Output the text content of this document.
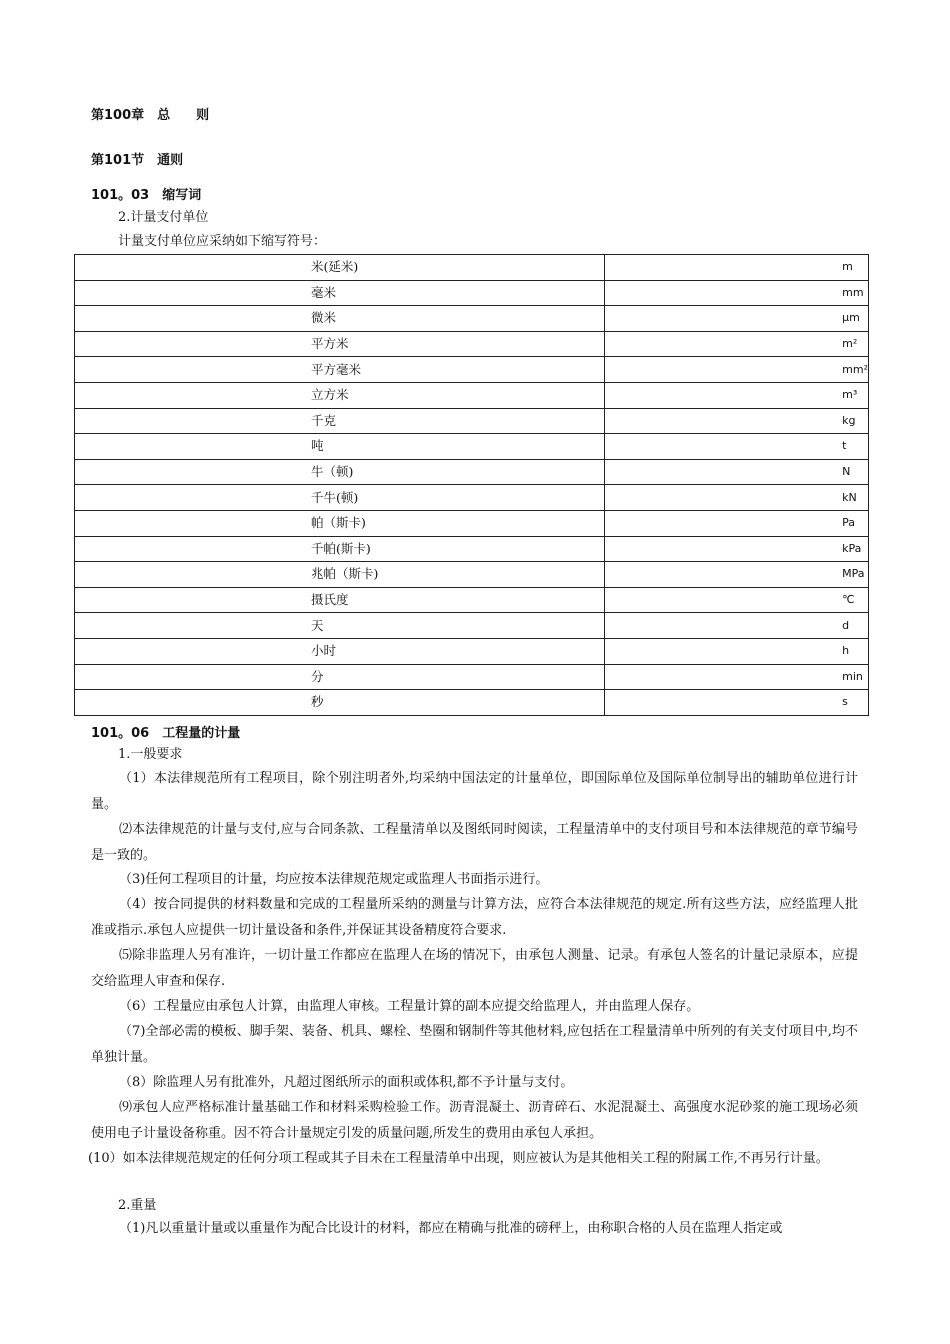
第100章　总　　则
第101节　通则
101。03　缩写词
2.计量支付单位
计量支付单位应采纳如下缩写符号：
米(延米)	m
毫米	mm
微米	μm
平方米	m²
平方毫米	mm²
立方米	m³
千克	kg
吨	t
牛（顿)	N
千牛(顿)	kN
帕（斯卡)	Pa
千帕(斯卡)	kPa
兆帕（斯卡)	MPa
摄氏度	℃
天	d
小时	h
分	min
秒	s
101。06　工程量的计量
1.一般要求
（1）本法律规范所有工程项目，除个别注明者外,均采纳中国法定的计量单位，即国际单位及国际单位制导出的辅助单位进行计量。
⑵本法律规范的计量与支付,应与合同条款、工程量清单以及图纸同时阅读，工程量清单中的支付项目号和本法律规范的章节编号是一致的。
（3)任何工程项目的计量，均应按本法律规范规定或监理人书面指示进行。
（4）按合同提供的材料数量和完成的工程量所采纳的测量与计算方法，应符合本法律规范的规定.所有这些方法，应经监理人批准或指示.承包人应提供一切计量设备和条件,并保证其设备精度符合要求.
⑸除非监理人另有准许，一切计量工作都应在监理人在场的情况下，由承包人测量、记录。有承包人签名的计量记录原本，应提交给监理人审查和保存.
（6）工程量应由承包人计算，由监理人审核。工程量计算的副本应提交给监理人，并由监理人保存。
（7)全部必需的模板、脚手架、装备、机具、螺栓、垫圈和钢制件等其他材料,应包括在工程量清单中所列的有关支付项目中,均不单独计量。
（8）除监理人另有批准外，凡超过图纸所示的面积或体积,都不予计量与支付。
⑼承包人应严格标准计量基础工作和材料采购检验工作。沥青混凝土、沥青碎石、水泥混凝土、高强度水泥砂浆的施工现场必须使用电子计量设备称重。因不符合计量规定引发的质量问题,所发生的费用由承包人承担。
(10）如本法律规范规定的任何分项工程或其子目未在工程量清单中出现，则应被认为是其他相关工程的附属工作,不再另行计量。
2.重量
（1)凡以重量计量或以重量作为配合比设计的材料，都应在精确与批准的磅秤上，由称职合格的人员在监理人指定或
